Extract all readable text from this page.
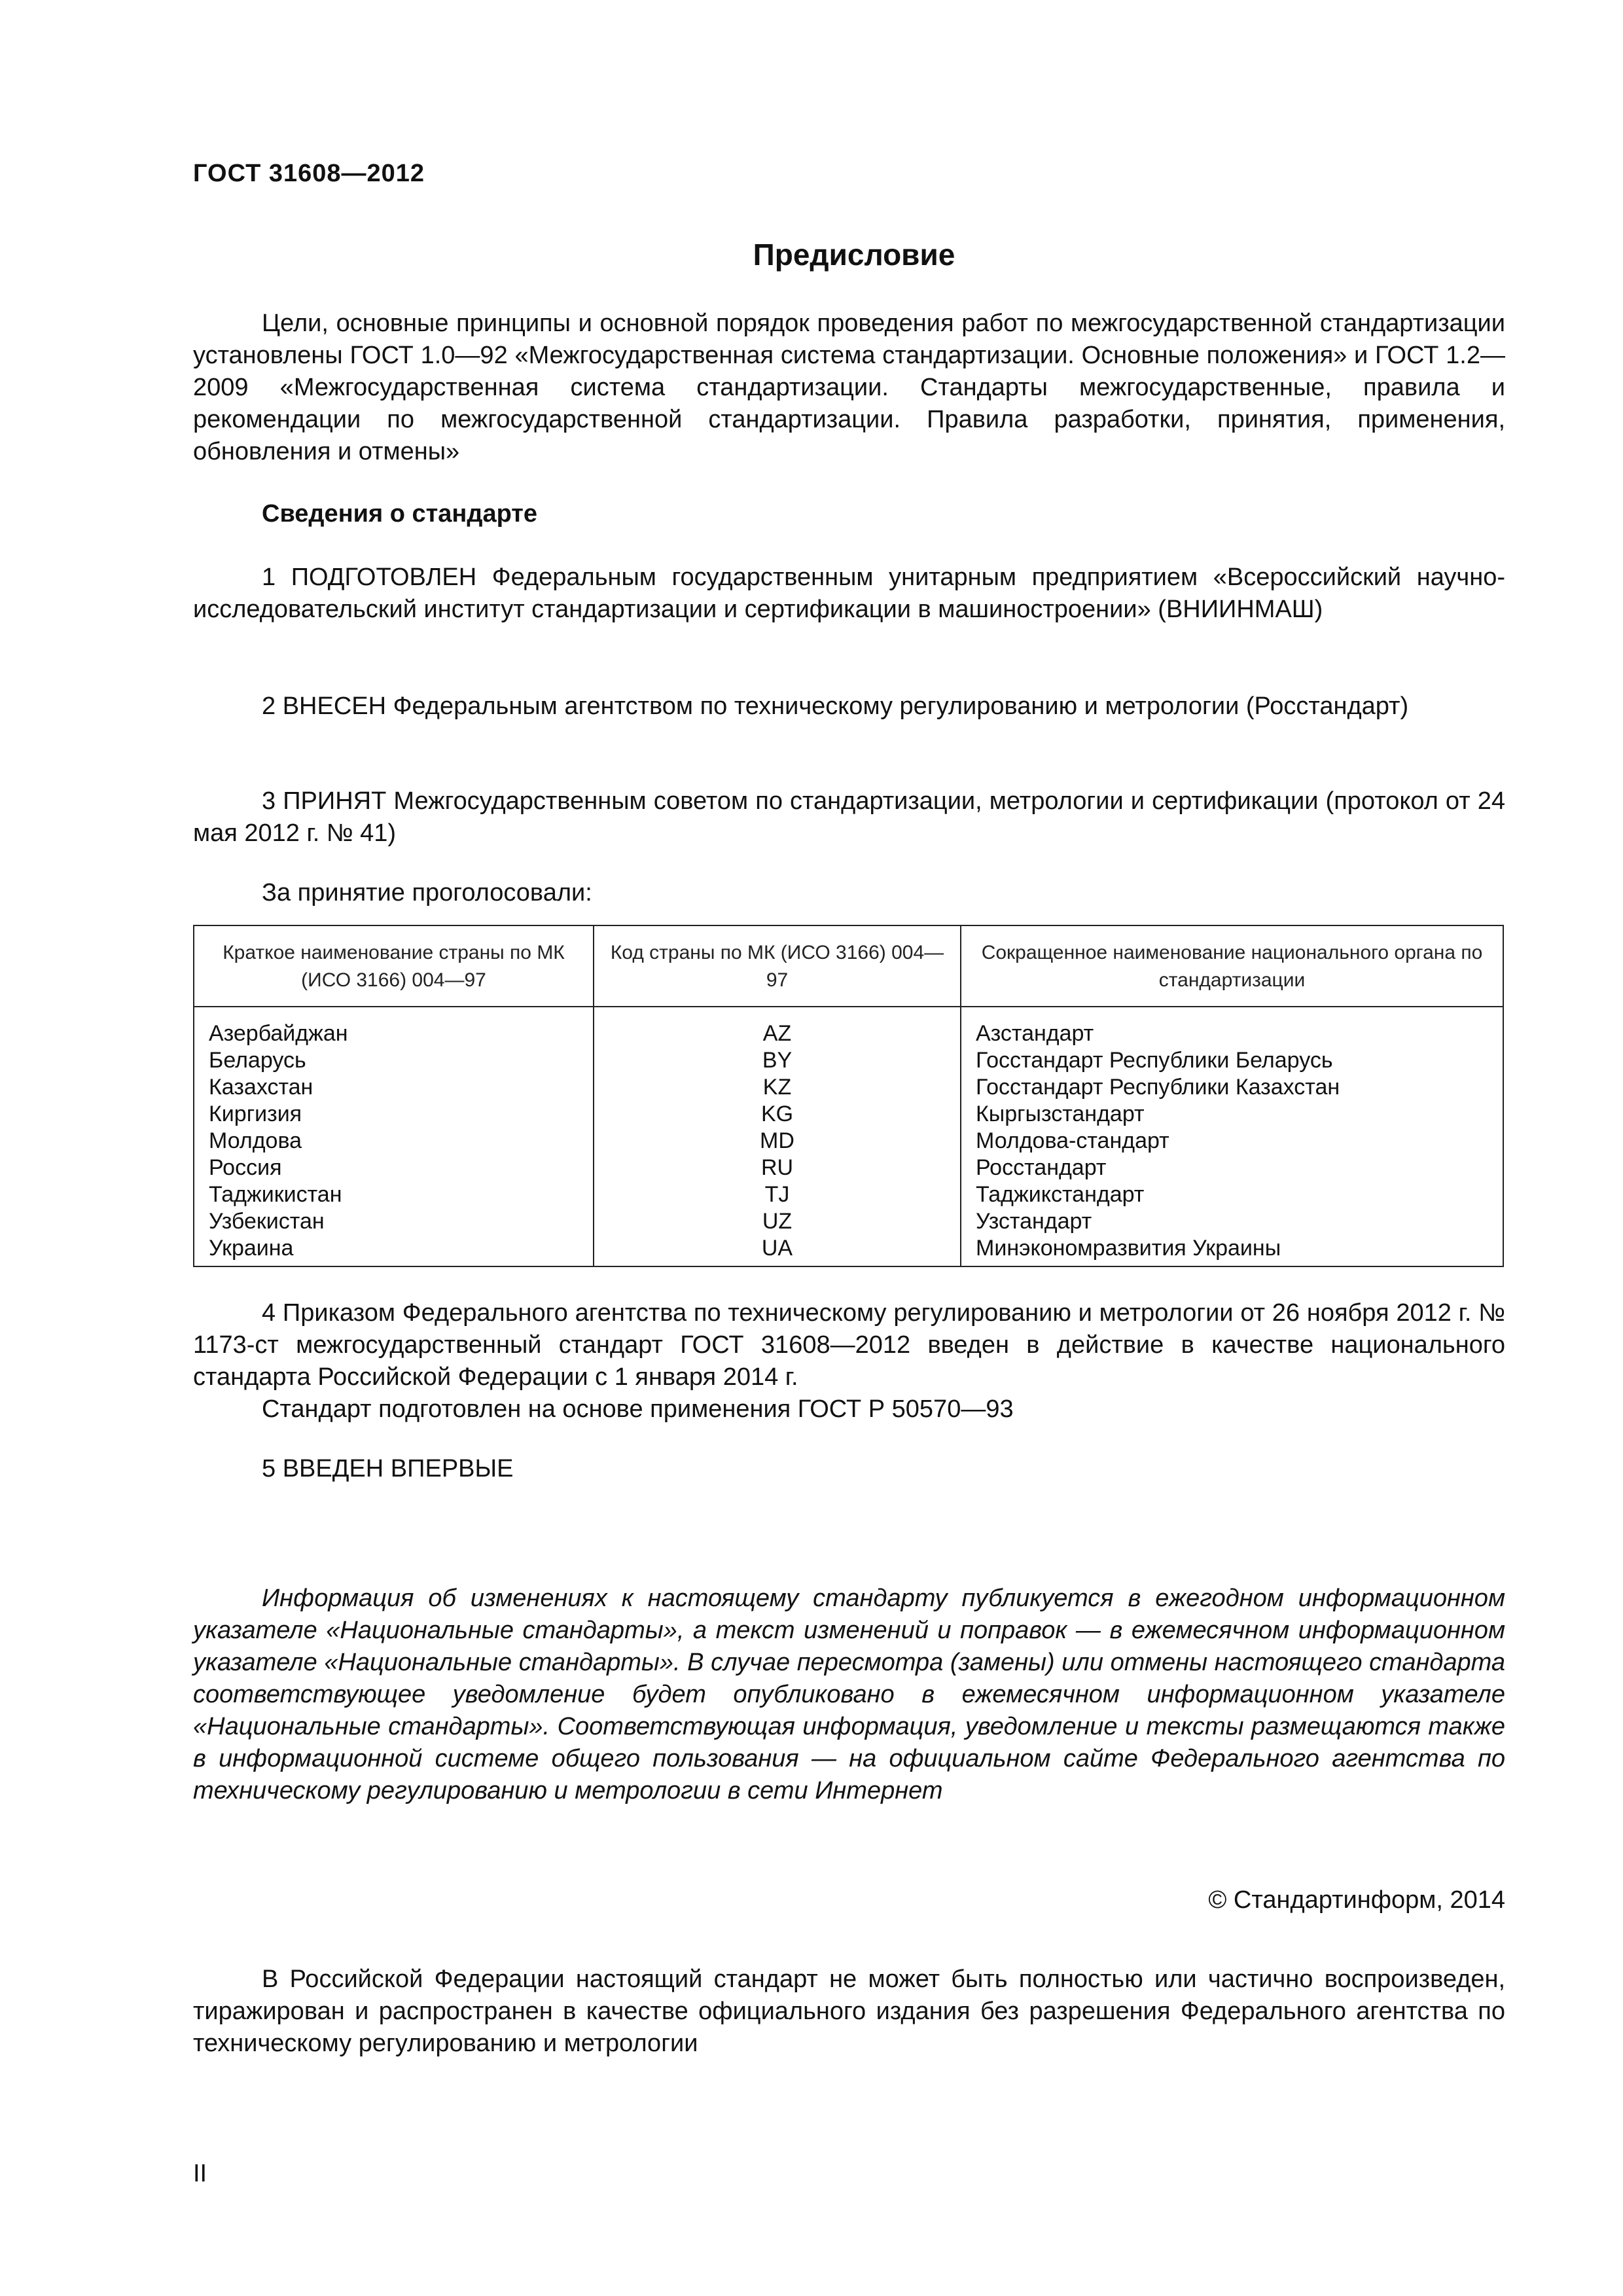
ГОСТ 31608—2012
Предисловие
Цели, основные принципы и основной порядок проведения работ по межгосударственной стандартизации установлены ГОСТ 1.0—92 «Межгосударственная система стандартизации. Основные положения» и ГОСТ 1.2—2009 «Межгосударственная система стандартизации. Стандарты межгосударственные, правила и рекомендации по межгосударственной стандартизации. Правила разработки, принятия, применения, обновления и отмены»
Сведения о стандарте
1 ПОДГОТОВЛЕН Федеральным государственным унитарным предприятием «Всероссийский научно-исследовательский институт стандартизации и сертификации в машиностроении» (ВНИИНМАШ)
2 ВНЕСЕН Федеральным агентством по техническому регулированию и метрологии (Росстандарт)
3 ПРИНЯТ Межгосударственным советом по стандартизации, метрологии и сертификации (протокол от 24 мая 2012 г. № 41)
За принятие проголосовали:
Краткое наименование страны по МК (ИСО 3166) 004—97	Код страны по МК (ИСО 3166) 004—97	Сокращенное наименование национального органа по стандартизации
Азербайджан	AZ	Азстандарт
Беларусь	BY	Госстандарт Республики Беларусь
Казахстан	KZ	Госстандарт Республики Казахстан
Киргизия	KG	Кыргызстандарт
Молдова	MD	Молдова-стандарт
Россия	RU	Росстандарт
Таджикистан	TJ	Таджикстандарт
Узбекистан	UZ	Узстандарт
Украина	UA	Минэкономразвития Украины
4 Приказом Федерального агентства по техническому регулированию и метрологии от 26 ноября 2012 г. № 1173-ст межгосударственный стандарт ГОСТ 31608—2012 введен в действие в качестве национального стандарта Российской Федерации с 1 января 2014 г.
Стандарт подготовлен на основе применения ГОСТ Р 50570—93
5 ВВЕДЕН ВПЕРВЫЕ
Информация об изменениях к настоящему стандарту публикуется в ежегодном информационном указателе «Национальные стандарты», а текст изменений и поправок — в ежемесячном информационном указателе «Национальные стандарты». В случае пересмотра (замены) или отмены настоящего стандарта соответствующее уведомление будет опубликовано в ежемесячном информационном указателе «Национальные стандарты». Соответствующая информация, уведомление и тексты размещаются также в информационной системе общего пользования — на официальном сайте Федерального агентства по техническому регулированию и метрологии в сети Интернет
© Стандартинформ, 2014
В Российской Федерации настоящий стандарт не может быть полностью или частично воспроизведен, тиражирован и распространен в качестве официального издания без разрешения Федерального агентства по техническому регулированию и метрологии
II
